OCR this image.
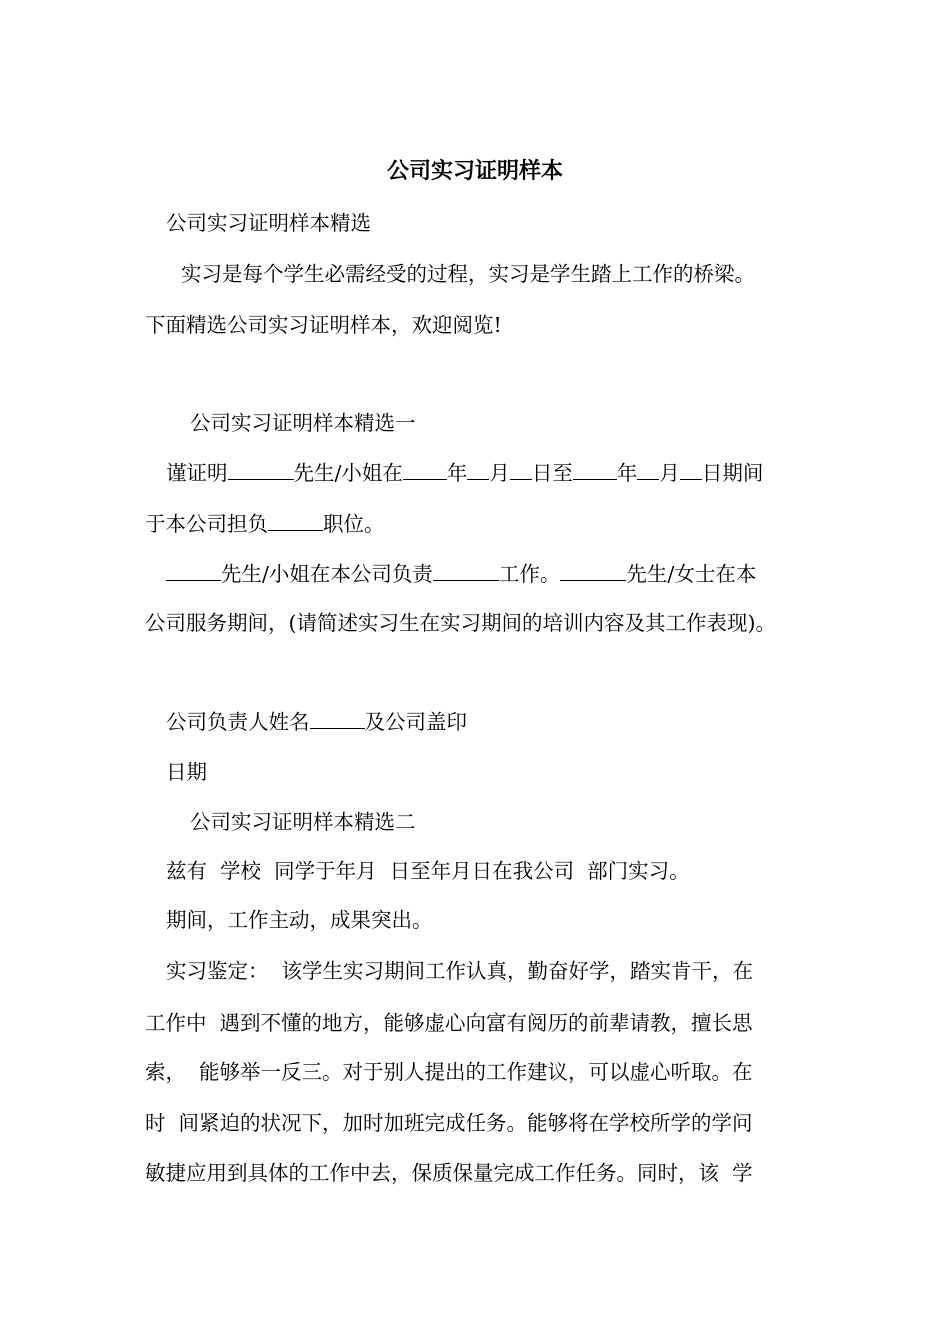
公司实习证明样本
公司实习证明样本精选
实习是每个学生必需经受的过程，实习是学生踏上工作的桥梁。
下面精选公司实习证明样本，欢迎阅览!
公司实习证明样本精选一
谨证明	先生/小姐在 年 月 日至 年 月 日期间
于本公司担负	职位。
先生/小姐在本公司负责	工作。	先生/女士在本
公司服务期间，(请简述实习生在实习期间的培训内容及其工作表现)。
公司负责人姓名	及公司盖印
日期
公司实习证明样本精选二
兹有  学校  同学于年月  日至年月日在我公司  部门实习。
期间，工作主动，成果突出。
实习鉴定：  该学生实习期间工作认真，勤奋好学，踏实肯干，在
工作中  遇到不懂的地方，能够虚心向富有阅历的前辈请教，擅长思
索，  能够举一反三。对于别人提出的工作建议，可以虚心听取。在
时  间紧迫的状况下，加时加班完成任务。能够将在学校所学的学问
敏捷应用到具体的工作中去，保质保量完成工作任务。同时，该  学
